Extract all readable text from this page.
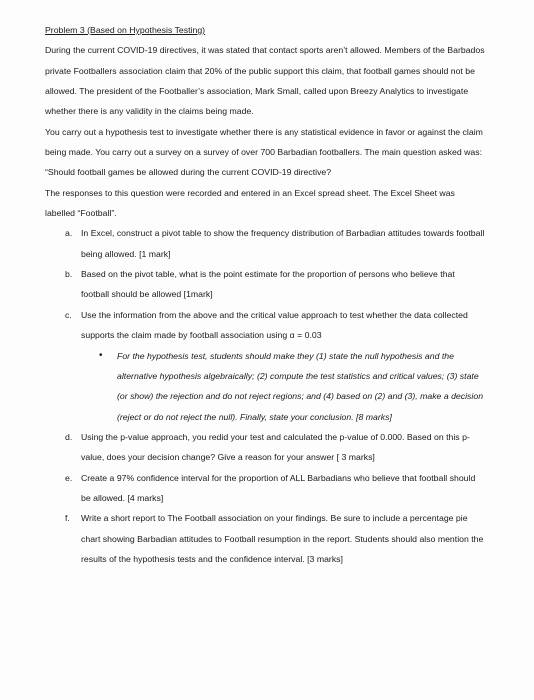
Problem 3 (Based on Hypothesis Testing)

During the current COVID-19 directives, it was stated that contact sports aren’t allowed. Members of the Barbados private Footballers association claim that 20% of the public support this claim, that football games should not be allowed. The president of the Footballer’s association, Mark Small, called upon Breezy Analytics to investigate whether there is any validity in the claims being made.

You carry out a hypothesis test to investigate whether there is any statistical evidence in favor or against the claim being made. You carry out a survey on a survey of over 700 Barbadian footballers. The main question asked was: “Should football games be allowed during the current COVID-19 directive?

The responses to this question were recorded and entered in an Excel spread sheet. The Excel Sheet was labelled “Football”.

a. In Excel, construct a pivot table to show the frequency distribution of Barbadian attitudes towards football being allowed. [1 mark]
b. Based on the pivot table, what is the point estimate for the proportion of persons who believe that football should be allowed [1mark]
c. Use the information from the above and the critical value approach to test whether the data collected supports the claim made by football association using α = 0.03
• For the hypothesis test, students should make they (1) state the null hypothesis and the alternative hypothesis algebraically; (2) compute the test statistics and critical values; (3) state (or show) the rejection and do not reject regions; and (4) based on (2) and (3), make a decision (reject or do not reject the null). Finally, state your conclusion. [8 marks]
d. Using the p-value approach, you redid your test and calculated the p-value of 0.000. Based on this p-value, does your decision change? Give a reason for your answer [ 3 marks]
e. Create a 97% confidence interval for the proportion of ALL Barbadians who believe that football should be allowed. [4 marks]
f. Write a short report to The Football association on your findings. Be sure to include a percentage pie chart showing Barbadian attitudes to Football resumption in the report. Students should also mention the results of the hypothesis tests and the confidence interval. [3 marks]
